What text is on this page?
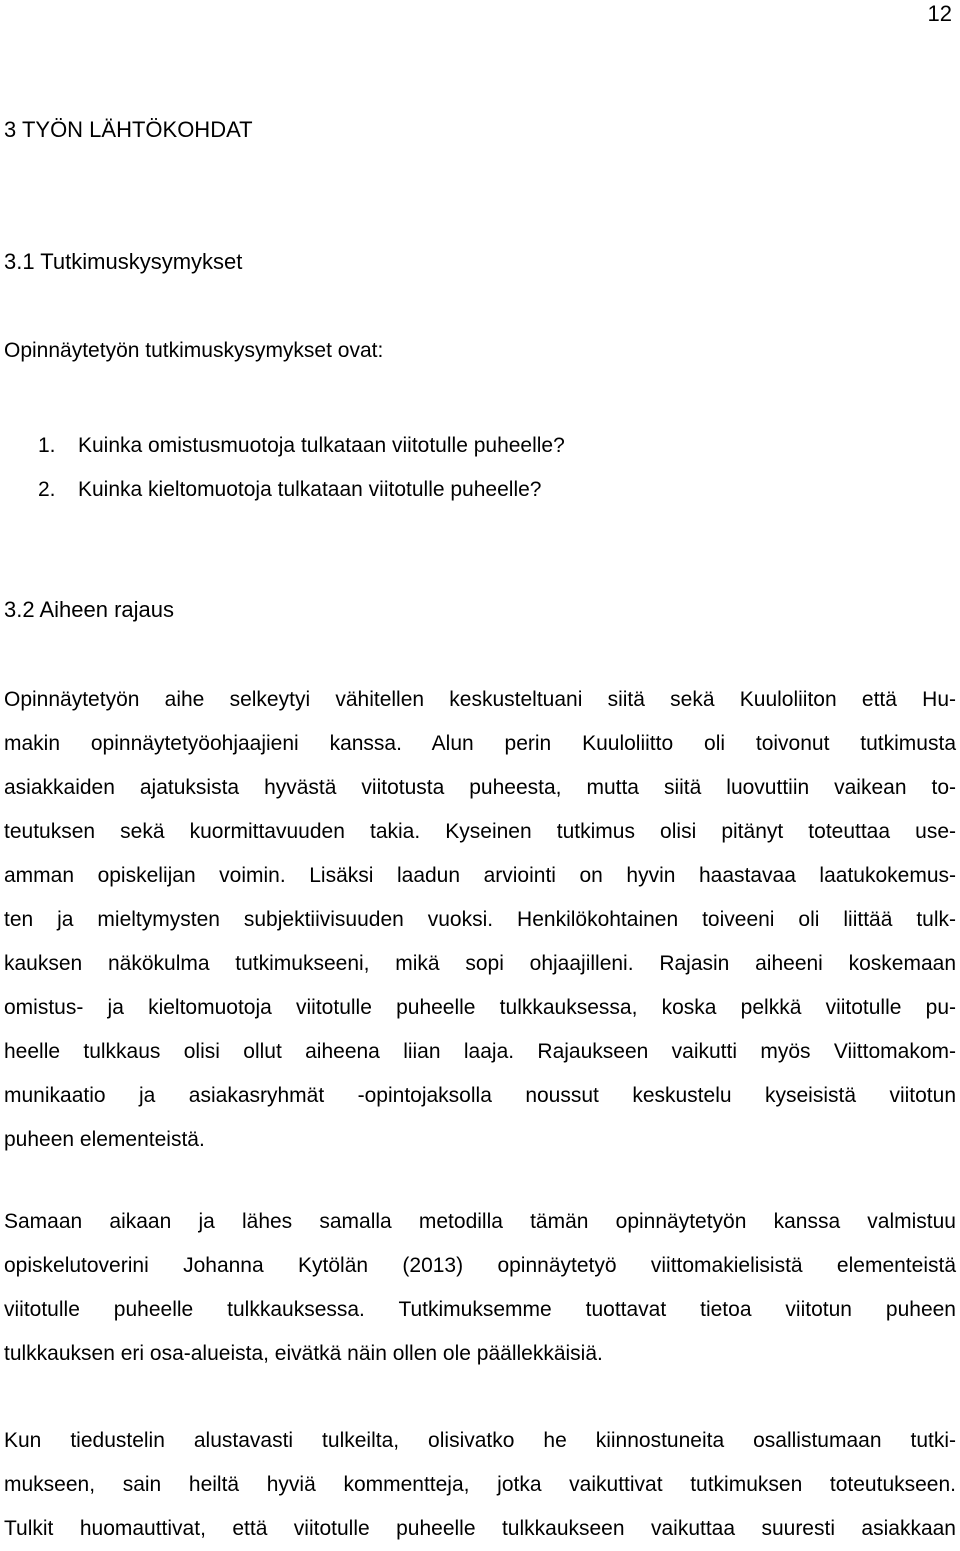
12
3 TYÖN LÄHTÖKOHDAT
3.1 Tutkimuskysymykset

Opinnäytetyön tutkimuskysymykset ovat:

1. Kuinka omistusmuotoja tulkataan viitotulle puheelle?
2. Kuinka kieltomuotoja tulkataan viitotulle puheelle?
3.2 Aiheen rajaus

Opinnäytetyön aihe selkeytyi vähitellen keskusteltuani siitä sekä Kuuloliiton että Hu-
makin opinnäytetyöohjaajieni kanssa. Alun perin Kuuloliitto oli toivonut tutkimusta
asiakkaiden ajatuksista hyvästä viitotusta puheesta, mutta siitä luovuttiin vaikean to-
teutuksen sekä kuormittavuuden takia. Kyseinen tutkimus olisi pitänyt toteuttaa use-
amman opiskelijan voimin. Lisäksi laadun arviointi on hyvin haastavaa laatukokemus-
ten ja mieltymysten subjektiivisuuden vuoksi. Henkilökohtainen toiveeni oli liittää tulk-
kauksen näkökulma tutkimukseeni, mikä sopi ohjaajilleni. Rajasin aiheeni koskemaan
omistus- ja kieltomuotoja viitotulle puheelle tulkkauksessa, koska pelkkä viitotulle pu-
heelle tulkkaus olisi ollut aiheena liian laaja. Rajaukseen vaikutti myös Viittomakom-
munikaatio ja asiakasryhmät -opintojaksolla noussut keskustelu kyseisistä viitotun
puheen elementeistä.

Samaan aikaan ja lähes samalla metodilla tämän opinnäytetyön kanssa valmistuu
opiskelutoverini Johanna Kytölän (2013) opinnäytetyö viittomakielisistä elementeistä
viitotulle puheelle tulkkauksessa. Tutkimuksemme tuottavat tietoa viitotun puheen
tulkkauksen eri osa-alueista, eivätkä näin ollen ole päällekkäisiä.

Kun tiedustelin alustavasti tulkeilta, olisivatko he kiinnostuneita osallistumaan tutki-
mukseen, sain heiltä hyviä kommentteja, jotka vaikuttivat tutkimuksen toteutukseen.
Tulkit huomauttivat, että viitotulle puheelle tulkkaukseen vaikuttaa suuresti asiakkaan
